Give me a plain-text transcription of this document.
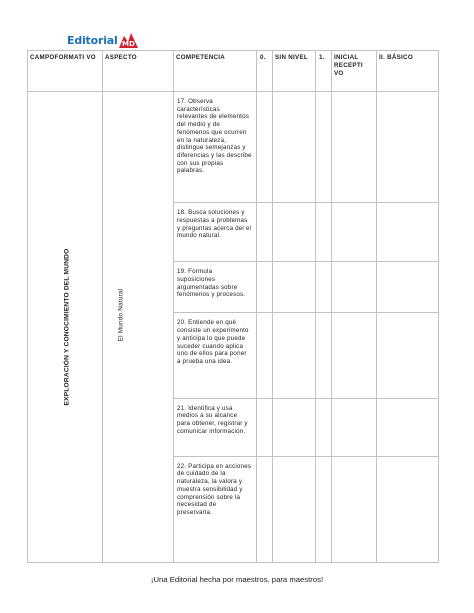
Editorial MD
CAMPOFORMATI VO	ASPECTO	COMPETENCIA	0.	SIN NIVEL	1.	INICIAL RECEPTI VO	II. BÁSICO

EXPLORACIÓN Y CONOCIMIENTO DEL MUNDO	El Mundo Natural	17. Observa características relevantes de elementos del medio y de fenómenos que ocurren en la naturaleza, distingue semejanzas y diferencias y las describe con sus propias palabras.					
		18. Busca soluciones y respuestas a problemas y preguntas acerca del el mundo natural.					
		19. Formula suposiciones argumentadas sobre fenómenos y procesos.					
		20. Entiende en qué consiste un experimento y anticipa lo que puede suceder cuando aplica uno de ellos para poner a prueba una idea.					
		21. Identifica y usa medios a su alcance para obtener, registrar y comunicar información.					
		22. Participa en acciones de cuidado de la naturaleza, la valora y muestra sensibilidad y comprensión sobre la necesidad de preservarla.					
¡Una Editorial hecha por maestros, para maestros!
